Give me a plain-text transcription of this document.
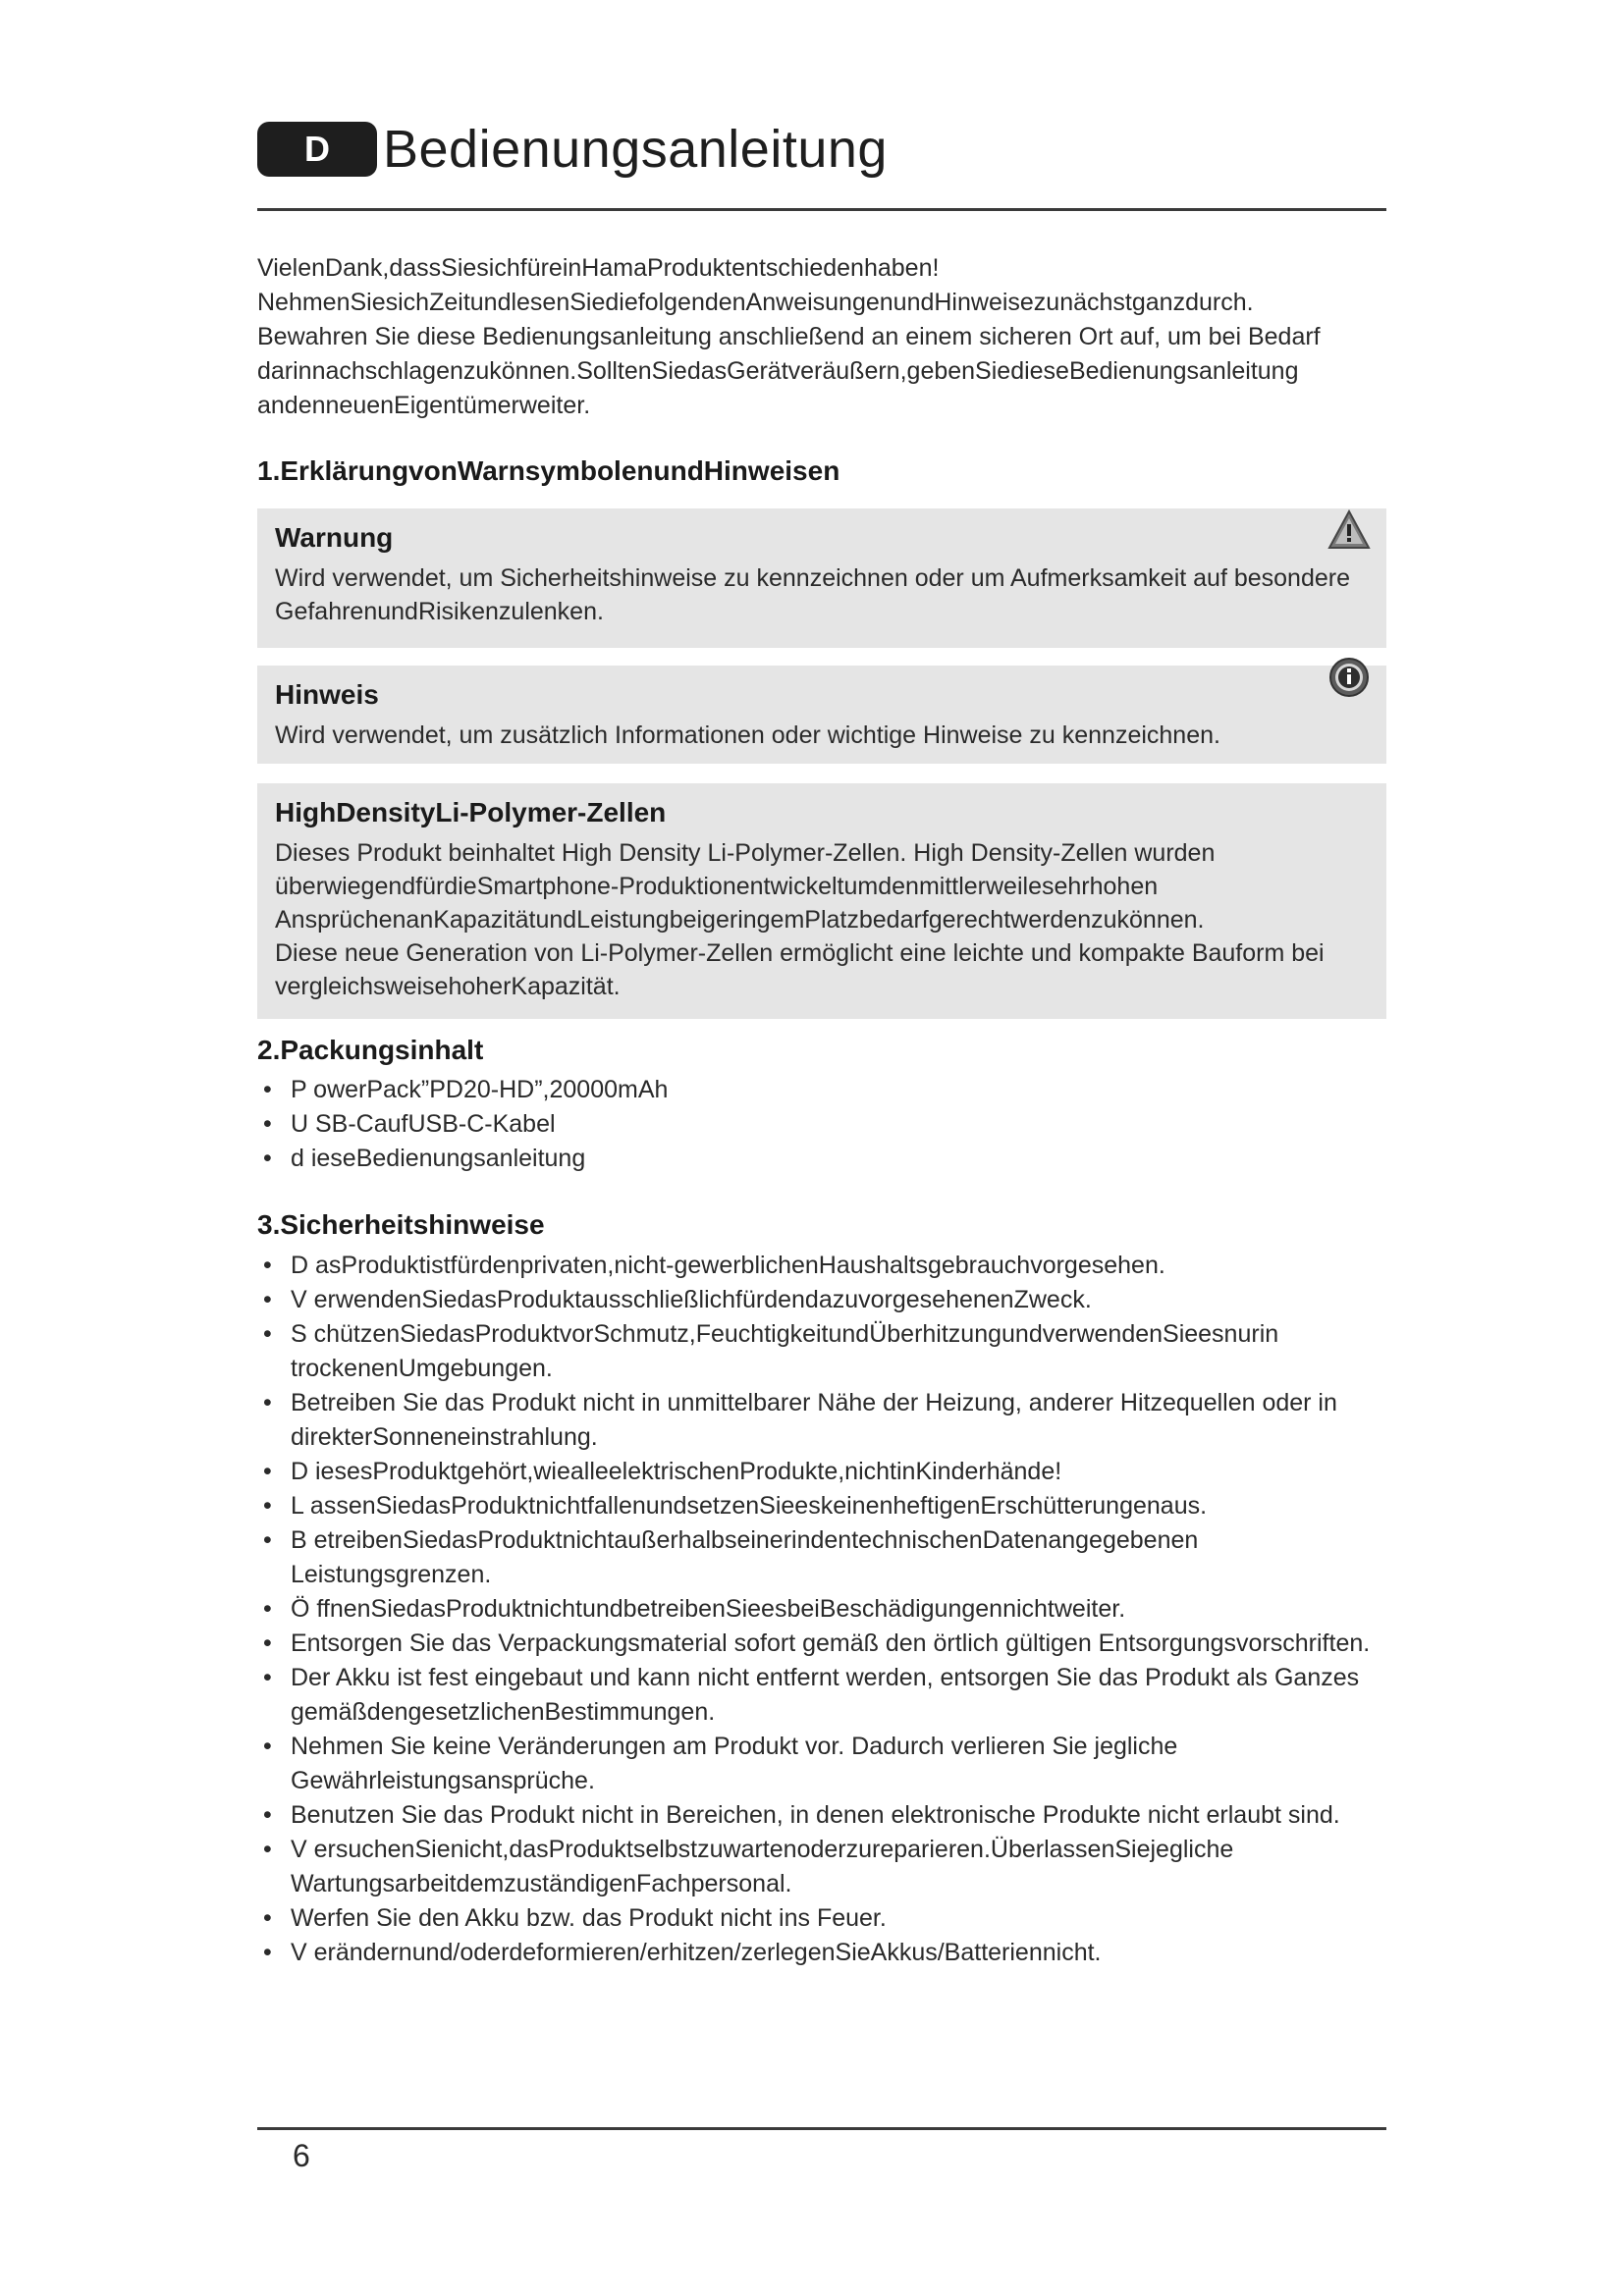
D	Bedienungsanleitung

VielenDank,dassSiesichfüreinHamaProduktentschiedenhaben!

NehmenSiesichZeitundlesenSiediefolgendenAnweisungenundHinweisezunächstganzdurch.

Bewahren Sie diese Bedienungsanleitung anschließend an einem sicheren Ort auf, um bei Bedarf

darinnachschlagenzukönnen.SolltenSiedasGerätveräußern,gebenSiedieseBedienungsanleitung

andenneuenEigentümerweiter.

1.ErklärungvonWarnsymbolenundHinweisen
Warnung

Wird verwendet, um Sicherheitshinweise zu kennzeichnen oder um Aufmerksamkeit auf besondere

GefahrenundRisikenzulenken.

Hinweis

Wird verwendet, um zusätzlich Informationen oder wichtige Hinweise zu kennzeichnen.

HighDensityLi-Polymer-Zellen

Dieses Produkt beinhaltet High Density Li-Polymer-Zellen. High Density-Zellen wurden

überwiegendfürdieSmartphone-Produktionentwickeltumdenmittlerweilesehrhohen

AnsprüchenanKapazitätundLeistungbeigeringemPlatzbedarfgerechtwerdenzukönnen.

Diese neue Generation von Li-Polymer-Zellen ermöglicht eine leichte und kompakte Bauform bei

vergleichsweisehoherKapazität.

2.Packungsinhalt
• P owerPack”PD20-HD”,20000mAh
• U SB-CaufUSB-C-Kabel
• d ieseBedienungsanleitung
3.Sicherheitshinweise
• D asProduktistfürdenprivaten,nicht-gewerblichenHaushaltsgebrauchvorgesehen.
• V erwendenSiedasProduktausschließlichfürdendazuvorgesehenenZweck.
• S chützenSiedasProduktvorSchmutz,FeuchtigkeitundÜberhitzungundverwendenSieesnurin
trockenenUmgebungen.
• Betreiben Sie das Produkt nicht in unmittelbarer Nähe der Heizung, anderer Hitzequellen oder in
direkterSonneneinstrahlung.
• D iesesProduktgehört,wiealleelektrischenProdukte,nichtinKinderhände!
• L assenSiedasProduktnichtfallenundsetzenSieeskeinenheftigenErschütterungenaus.
• B etreibenSiedasProduktnichtaußerhalbseinerindentechnischenDatenangegebenen
Leistungsgrenzen.
• Ö ffnenSiedasProduktnichtundbetreibenSieesbeiBeschädigungennichtweiter.
• Entsorgen Sie das Verpackungsmaterial sofort gemäß den örtlich gültigen Entsorgungsvorschriften.
• Der Akku ist fest eingebaut und kann nicht entfernt werden, entsorgen Sie das Produkt als Ganzes
gemäßdengesetzlichenBestimmungen.
• Nehmen Sie keine Veränderungen am Produkt vor. Dadurch verlieren Sie jegliche
Gewährleistungsansprüche.
• Benutzen Sie das Produkt nicht in Bereichen, in denen elektronische Produkte nicht erlaubt sind.
• V ersuchenSienicht,dasProduktselbstzuwartenoderzureparieren.ÜberlassenSiejegliche
WartungsarbeitdemzuständigenFachpersonal.
• Werfen Sie den Akku bzw. das Produkt nicht ins Feuer.
• V erändernund/oderdeformieren/erhitzen/zerlegenSieAkkus/Batteriennicht.
6
